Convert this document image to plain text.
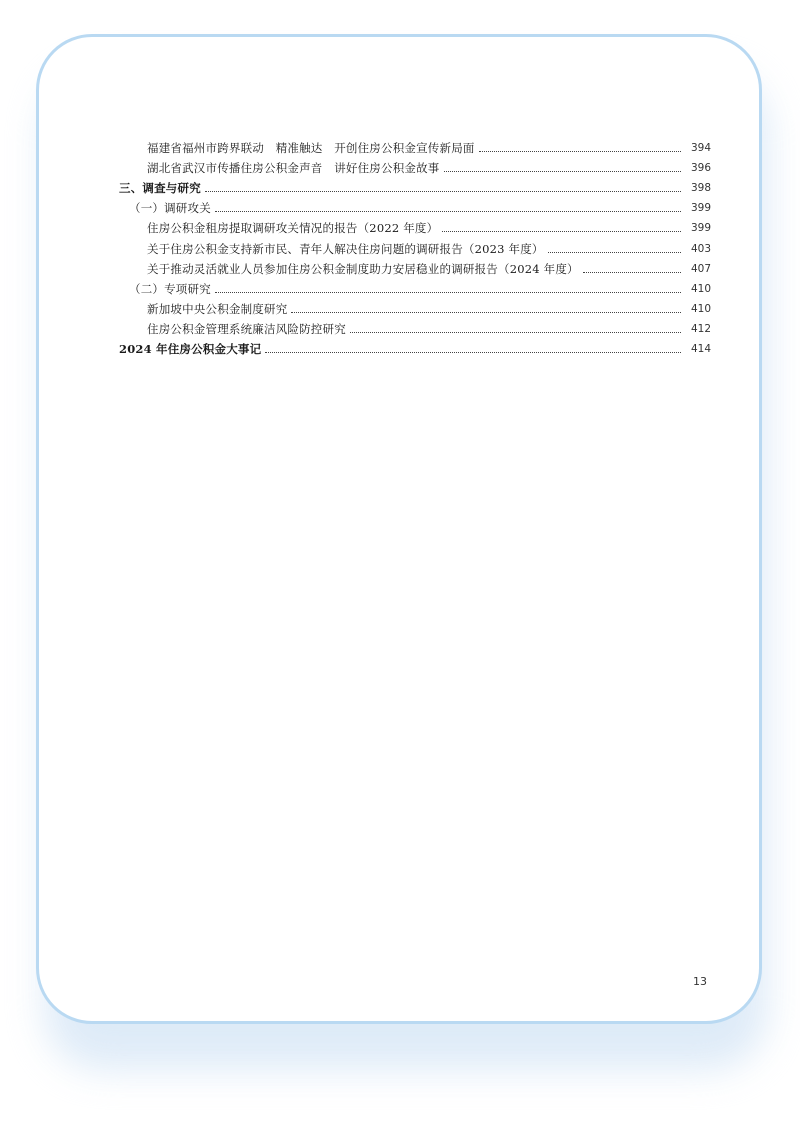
福建省福州市跨界联动　精准触达　开创住房公积金宣传新局面	394
湖北省武汉市传播住房公积金声音　讲好住房公积金故事	396
三、调查与研究	398
（一）调研攻关	399
住房公积金租房提取调研攻关情况的报告（2022 年度）	399
关于住房公积金支持新市民、青年人解决住房问题的调研报告（2023 年度）	403
关于推动灵活就业人员参加住房公积金制度助力安居稳业的调研报告（2024 年度）	407
（二）专项研究	410
新加坡中央公积金制度研究	410
住房公积金管理系统廉洁风险防控研究	412
2024 年住房公积金大事记	414
13
